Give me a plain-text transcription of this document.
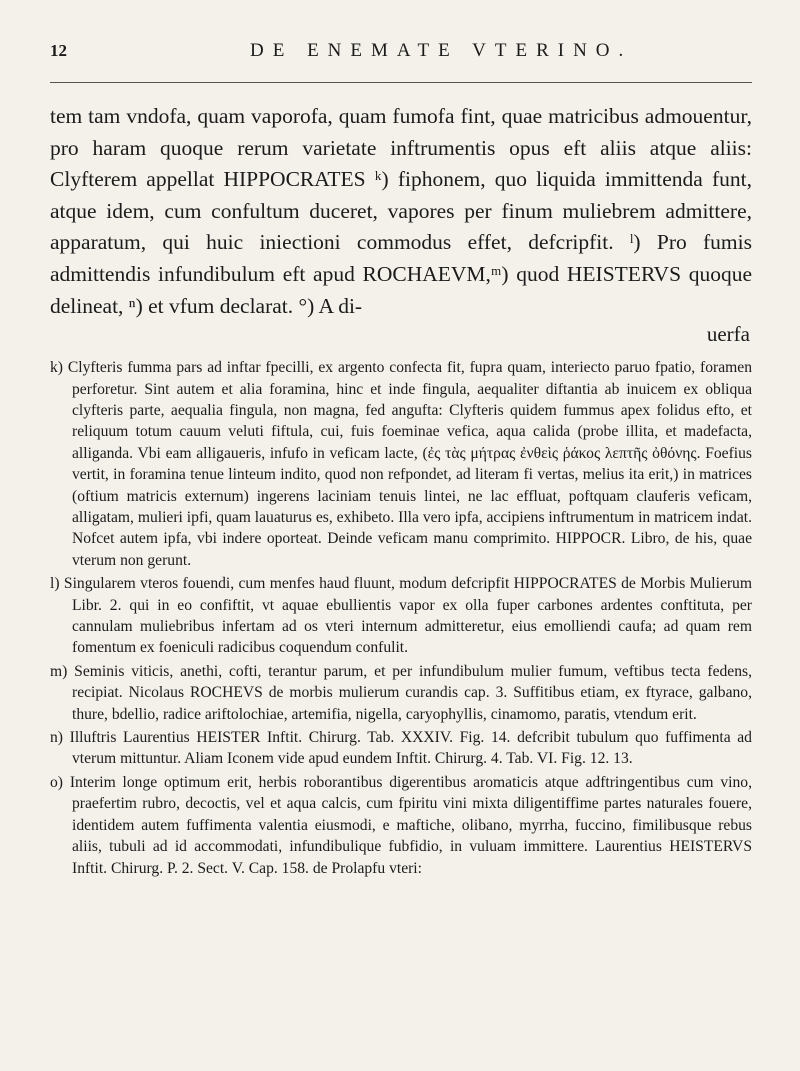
12	DE ENEMATE VTERINO.

tem tam vndofa, quam vaporofa, quam fumofa fint, quae matricibus admouentur, pro haram quoque rerum varietate inftrumentis opus eft aliis atque aliis: Clyfterem appellat HIPPOCRATES ᵏ) fiphonem, quo liquida immittenda funt, atque idem, cum confultum duceret, vapores per finum muliebrem admittere, apparatum, qui huic iniectioni commodus effet, defcripfit. ˡ) Pro fumis admittendis infundibulum eft apud ROCHAEVM,ᵐ) quod HEISTERVS quoque delineat, ⁿ) et vfum declarat. °) A di-

uerfa

k) Clyfteris fumma pars ad inftar fpecilli, ex argento confecta fit, fupra quam, interiecto paruo fpatio, foramen perforetur. Sint autem et alia foramina, hinc et inde fingula, aequaliter diftantia ab inuicem ex obliqua clyfteris parte, aequalia fingula, non magna, fed angufta: Clyfteris quidem fummus apex folidus efto, et reliquum totum cauum veluti fiftula, cui, fuis foeminae vefica, aqua calida (probe illita, et madefacta, alliganda. Vbi eam alligaueris, infufo in veficam lacte, (ἐς τὰς μήτρας ἐνθεὶς ῥάκος λεπτῆς ὀθόνης. Foefius vertit, in foramina tenue linteum indito, quod non refpondet, ad literam fi vertas, melius ita erit,) in matrices (oftium matricis externum) ingerens laciniam tenuis lintei, ne lac effluat, poftquam claufe​ris veficam, alligatam, mulieri ipfi, quam lauaturus es, exhibeto. Illa vero ipfa, accipiens inftrumentum in matricem indat. Nofcet autem ipfa, vbi indere oporteat. Deinde veficam manu comprimito. HIPPOCR. Libro, de his, quae vterum non gerunt.

l) Singularem vteros fouendi, cum menfes haud fluunt, modum defcripfit HIPPOCRATES de Morbis Mulierum Libr. 2. qui in eo confiftit, vt aquae ebullientis vapor ex olla fuper carbones ardentes conftituta, per cannulam muliebribus infertam ad os vteri internum admitteretur, eius emolliendi caufa; ad quam rem fomentum ex foeniculi radicibus coquendum confulit.

m) Seminis viticis, anethi, cofti, terantur parum, et per infundibulum mulier fumum, veftibus tecta fedens, recipiat. Nicolaus ROCHEVS de morbis mulierum curandis cap. 3. Suffitibus etiam, ex ftyrace, galbano, thure, bdellio, radice ariftolochiae, artemifia, nigella, caryophyllis, cinamomo, paratis, vtendum erit.

n) Illuftris Laurentius HEISTER Inftit. Chirurg. Tab. XXXIV. Fig. 14. defcribit tubulum quo fuffimenta ad vterum mittuntur. Aliam Iconem vide apud eundem Inftit. Chirurg. 4. Tab. VI. Fig. 12. 13.

o) Interim longe optimum erit, herbis roborantibus digerentibus aromaticis atque adftringentibus cum vino, praefertim rubro, decoctis, vel et aqua calcis, cum fpiritu vini mixta diligentiffime partes naturales fouere, identidem autem fuffimenta valentia eiusmodi, e maftiche, olibano, myrrha, fuccino, fimilibusque rebus aliis, tubuli ad id accommodati, infundibulique fubfidio, in vuluam immittere. Laurentius HEISTERVS Inftit. Chirurg. P. 2. Sect. V. Cap. 158. de Prolapfu vteri:
